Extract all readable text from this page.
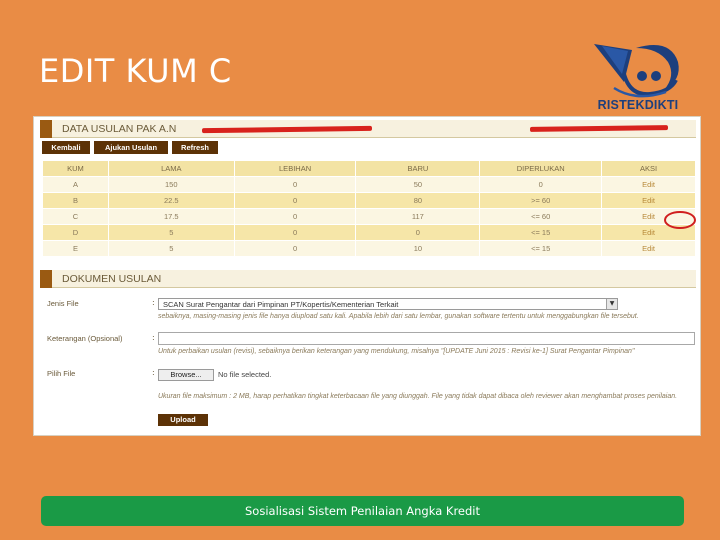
EDIT KUM C
RISTEKDIKTI
DATA USULAN PAK A.N
Kembali	Ajukan Usulan	Refresh
KUM	LAMA	LEBIHAN	BARU	DIPERLUKAN	AKSI
A	150	0	50	0	Edit
B	22.5	0	80	>= 60	Edit
C	17.5	0	117	<= 60	Edit
D	5	0	0	<= 15	Edit
E	5	0	10	<= 15	Edit
DOKUMEN USULAN
Jenis File	: SCAN Surat Pengantar dari Pimpinan PT/Kopertis/Kementerian Terkait	▼
sebaiknya, masing-masing jenis file hanya diupload satu kali. Apabila lebih dari satu lembar, gunakan software tertentu untuk menggabungkan file tersebut.
Keterangan (Opsional)	:
Untuk perbaikan usulan (revisi), sebaiknya berikan keterangan yang mendukung, misalnya "[UPDATE Juni 2015 : Revisi ke-1] Surat Pengantar Pimpinan"
Pilih File	:	Browse...	No file selected.
Ukuran file maksimum : 2 MB, harap perhatikan tingkat keterbacaan file yang diunggah. File yang tidak dapat dibaca oleh reviewer akan menghambat proses penilaian.
Upload
Sosialisasi Sistem Penilaian Angka Kredit
